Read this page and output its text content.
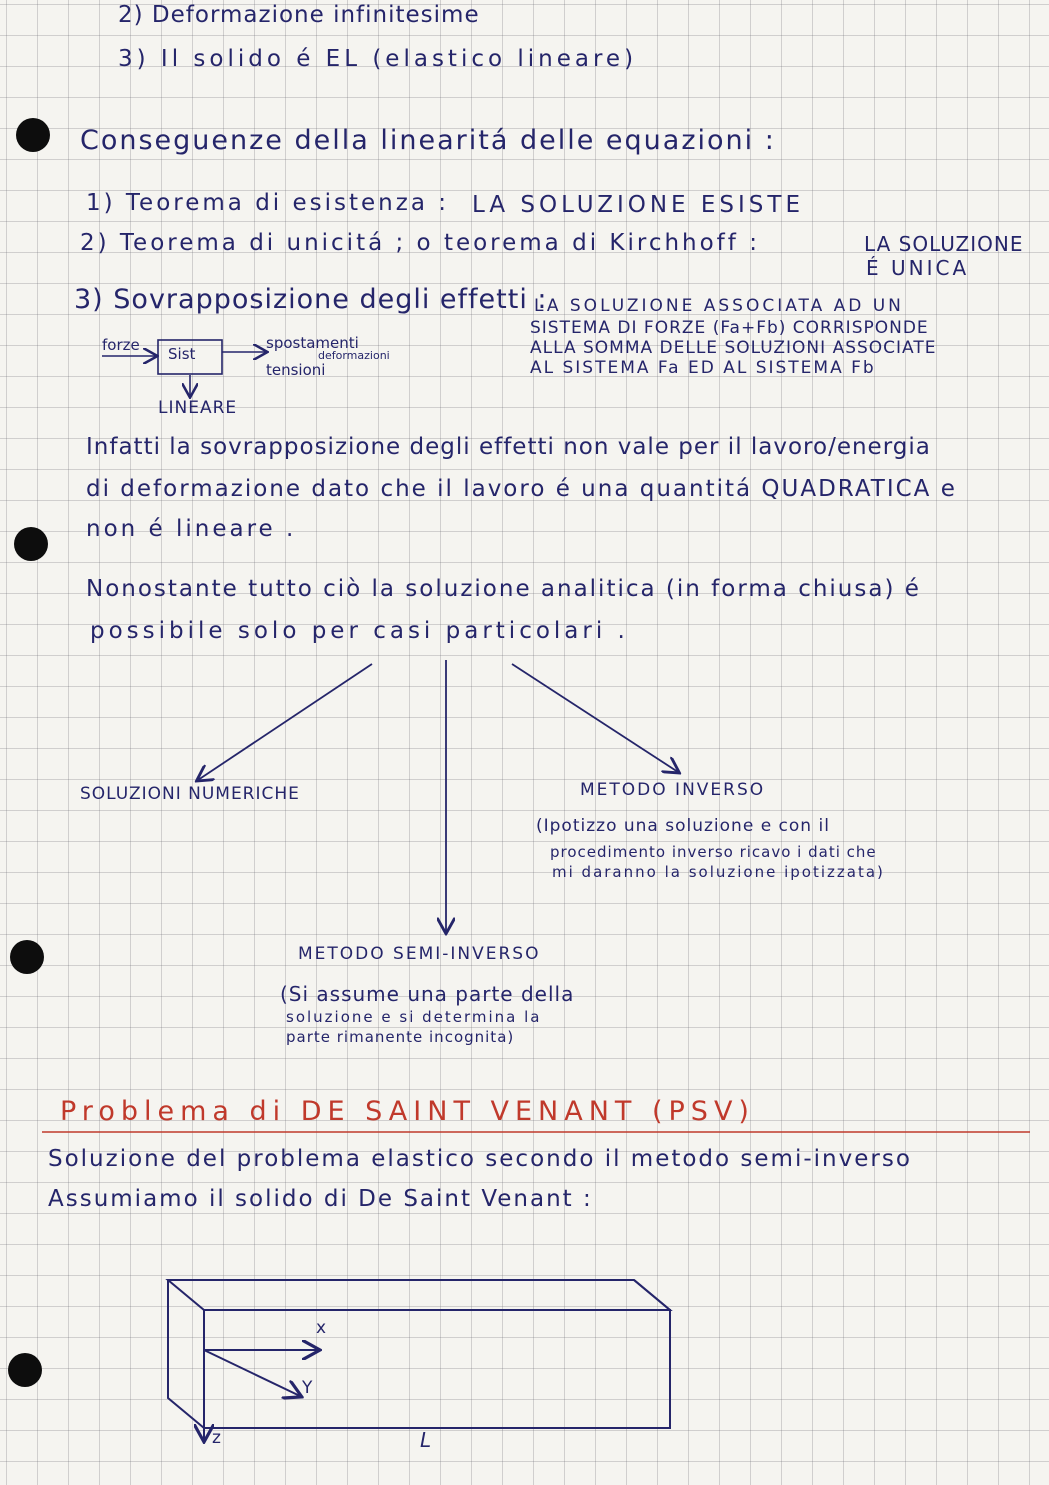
2) Deformazione infinitesime
3) Il solido é EL (elastico lineare)
Conseguenze della linearitá delle equazioni :
1) Teorema di esistenza : LA SOLUZIONE ESISTE
2) Teorema di unicitá ; o teorema di Kirchhoff :	LA SOLUZIONE
É UNICA
3) Sovrapposizione degli effetti :
LA SOLUZIONE ASSOCIATA AD UN
SISTEMA DI FORZE (Fa+Fb) CORRISPONDE
ALLA SOMMA DELLE SOLUZIONI ASSOCIATE
AL SISTEMA Fa ED AL SISTEMA Fb
forze Sist
spostamenti
deformazioni
tensioni
LINEARE
Infatti la sovrapposizione degli effetti non vale per il lavoro/energia
di deformazione dato che il lavoro é una quantitá QUADRATICA e
non é lineare .
Nonostante tutto ciò la soluzione analitica (in forma chiusa) é
possibile solo per casi particolari .
SOLUZIONI NUMERICHE	METODO INVERSO
(Ipotizzo una soluzione e con il
procedimento inverso ricavo i dati che
mi daranno la soluzione ipotizzata)
METODO SEMI-INVERSO
(Si assume una parte della
soluzione e si determina la
parte rimanente incognita)
Problema di DE SAINT VENANT (PSV)
Soluzione del problema elastico secondo il metodo semi-inverso
Assumiamo il solido di De Saint Venant :
x
Y
z	L
